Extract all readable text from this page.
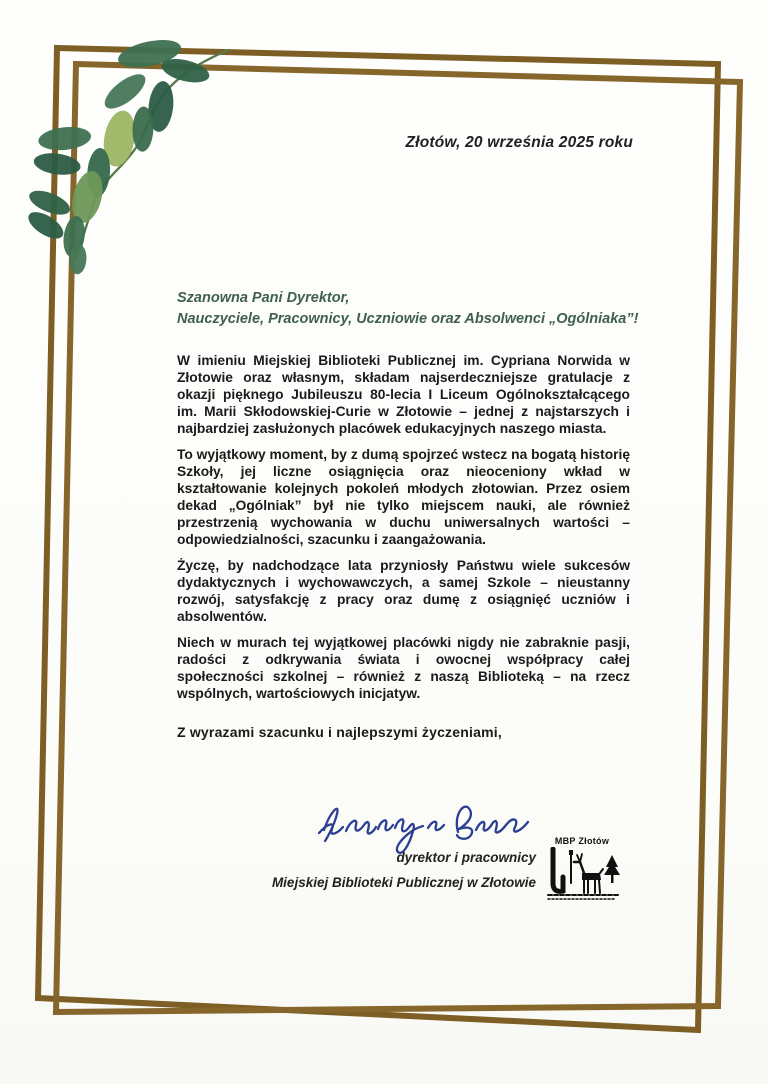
Złotów, 20 września 2025 roku
Szanowna Pani Dyrektor,
Nauczyciele, Pracownicy, Uczniowie oraz Absolwenci „Ogólniaka”!

W imieniu Miejskiej Biblioteki Publicznej im. Cypriana Norwida w Złotowie oraz własnym, składam najserdeczniejsze gratulacje z okazji pięknego Jubileuszu 80-lecia I Liceum Ogólnokształcącego im. Marii Skłodowskiej-Curie w Złotowie – jednej z najstarszych i najbardziej zasłużonych placówek edukacyjnych naszego miasta.

To wyjątkowy moment, by z dumą spojrzeć wstecz na bogatą historię Szkoły, jej liczne osiągnięcia oraz nieoceniony wkład w kształtowanie kolejnych pokoleń młodych złotowian. Przez osiem dekad „Ogólniak” był nie tylko miejscem nauki, ale również przestrzenią wychowania w duchu uniwersalnych wartości – odpowiedzialności, szacunku i zaangażowania.

Życzę, by nadchodzące lata przyniosły Państwu wiele sukcesów dydaktycznych i wychowawczych, a samej Szkole – nieustanny rozwój, satysfakcję z pracy oraz dumę z osiągnięć uczniów i absolwentów.

Niech w murach tej wyjątkowej placówki nigdy nie zabraknie pasji, radości z odkrywania świata i owocnej współpracy całej społeczności szkolnej – również z naszą Biblioteką – na rzecz wspólnych, wartościowych inicjatyw.

Z wyrazami szacunku i najlepszymi życzeniami,
dyrektor i pracownicy
Miejskiej Biblioteki Publicznej w Złotowie
MBP Złotów
